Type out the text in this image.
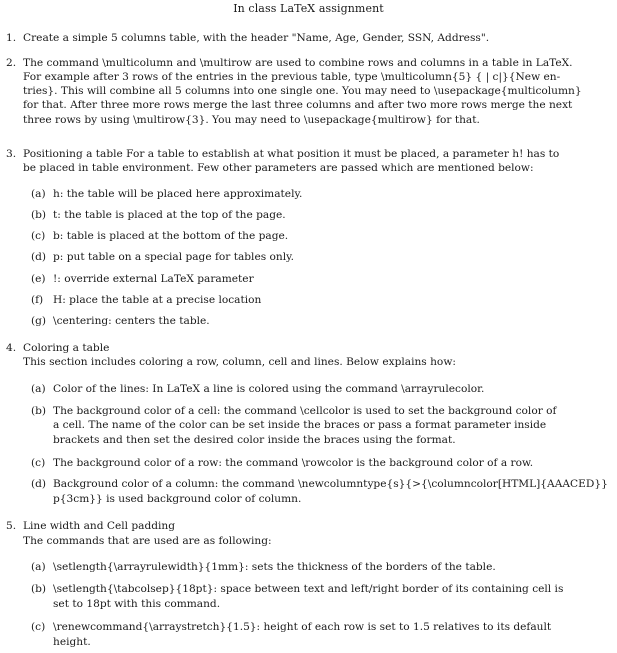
In class LaTeX assignment
1. Create a simple 5 columns table, with the header "Name, Age, Gender, SSN, Address".
2. The command \multicolumn and \multirow are used to combine rows and columns in a table in LaTeX.
For example after 3 rows of the entries in the previous table, type \multicolumn{5} { | c|}{New en-
tries}. This will combine all 5 columns into one single one. You may need to \usepackage{multicolumn}
for that. After three more rows merge the last three columns and after two more rows merge the next
three rows by using \multirow{3}. You may need to \usepackage{multirow} for that.
3. Positioning a table For a table to establish at what position it must be placed, a parameter h! has to
be placed in table environment. Few other parameters are passed which are mentioned below:
(a) h: the table will be placed here approximately.
(b) t: the table is placed at the top of the page.
(c) b: table is placed at the bottom of the page.
(d) p: put table on a special page for tables only.
(e) !: override external LaTeX parameter
(f) H: place the table at a precise location
(g) \centering: centers the table.
4. Coloring a table
This section includes coloring a row, column, cell and lines. Below explains how:
(a) Color of the lines: In LaTeX a line is colored using the command \arrayrulecolor.
(b) The background color of a cell: the command \cellcolor is used to set the background color of
a cell. The name of the color can be set inside the braces or pass a format parameter inside
brackets and then set the desired color inside the braces using the format.
(c) The background color of a row: the command \rowcolor is the background color of a row.
(d) Background color of a column: the command \newcolumntype{s}{>{\columncolor[HTML]{AAACED}}
p{3cm}} is used background color of column.
5. Line width and Cell padding
The commands that are used are as following:
(a) \setlength{\arrayrulewidth}{1mm}: sets the thickness of the borders of the table.
(b) \setlength{\tabcolsep}{18pt}: space between text and left/right border of its containing cell is
set to 18pt with this command.
(c) \renewcommand{\arraystretch}{1.5}: height of each row is set to 1.5 relatives to its default
height.
